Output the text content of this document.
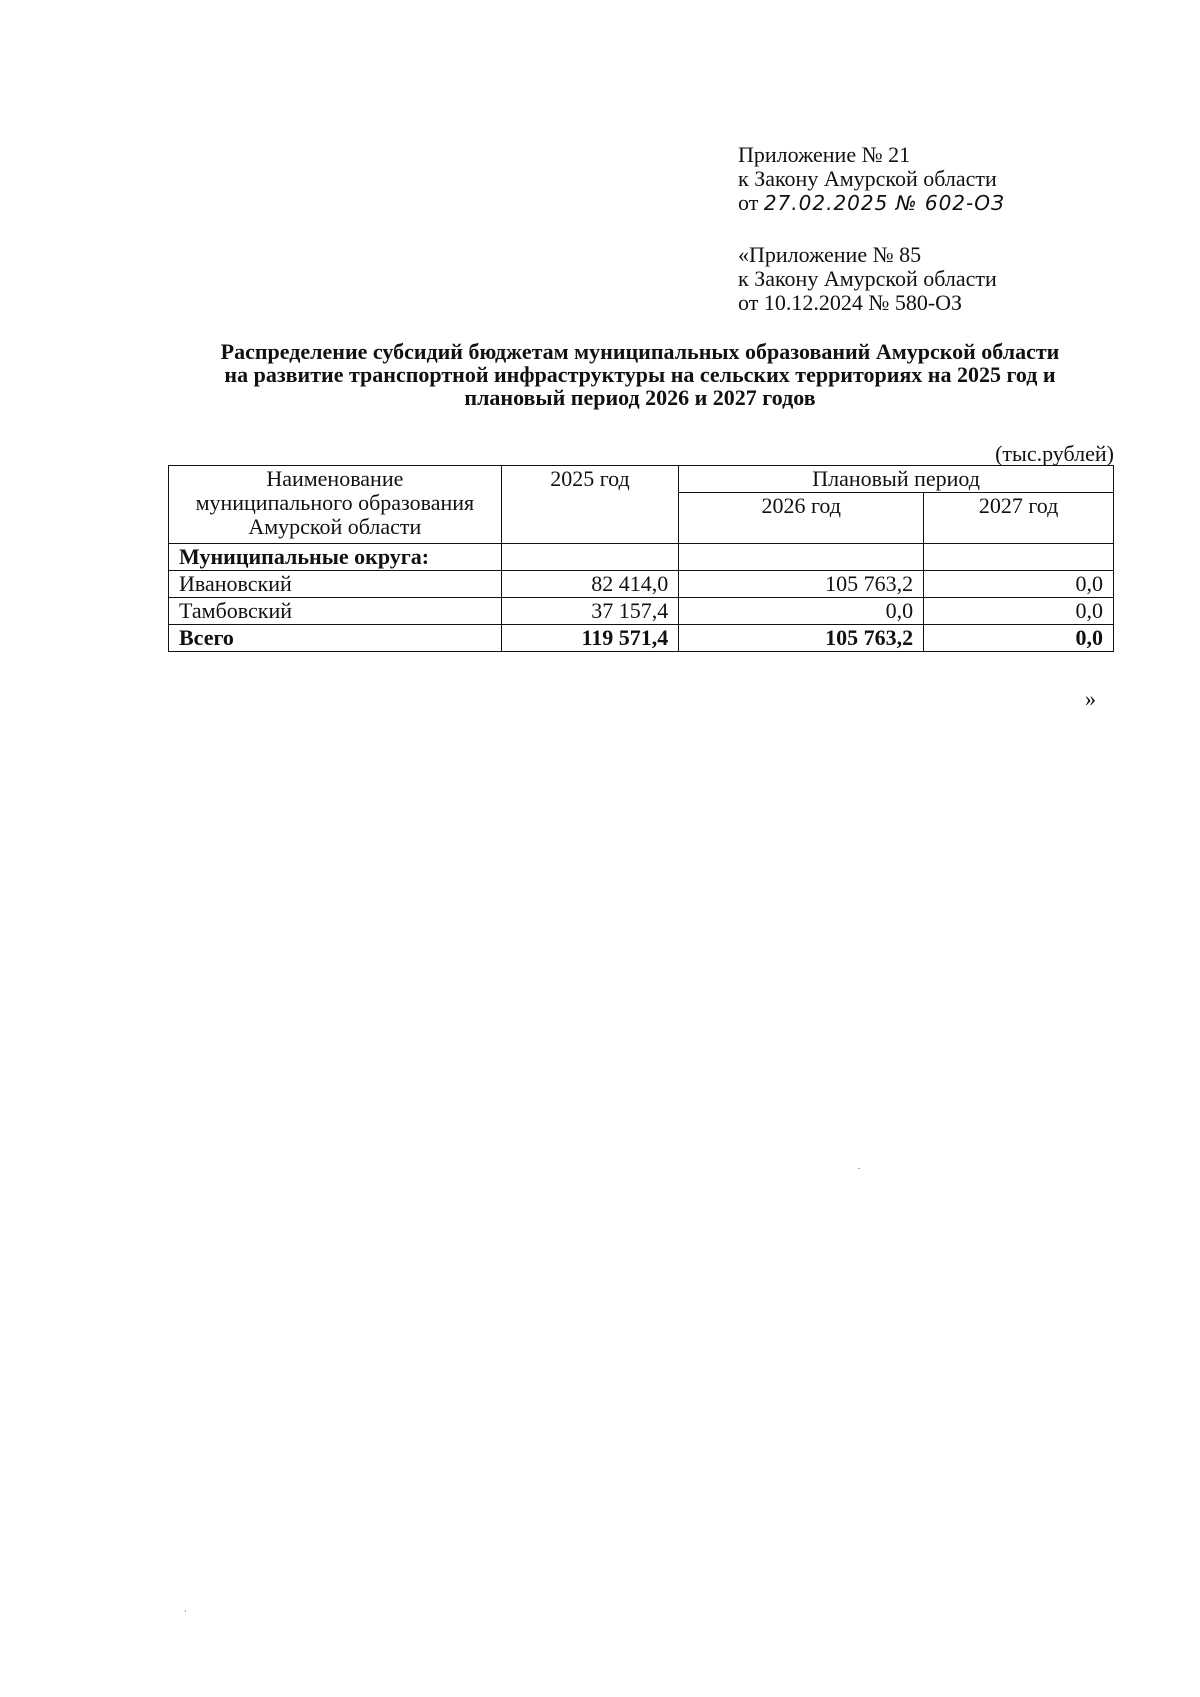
Приложение № 21
к Закону Амурской области
от 27.02.2025 № 602-ОЗ
«Приложение № 85
к Закону Амурской области
от 10.12.2024 № 580-ОЗ
Распределение субсидий бюджетам муниципальных образований Амурской области
на развитие транспортной инфраструктуры на сельских территориях на 2025 год и
плановый период 2026 и 2027 годов
(тыс.рублей)
Наименование
муниципального образования
Амурской области	2025 год	Плановый период	
		2026 год	2027 год
Муниципальные округа:			
Ивановский	82 414,0	105 763,2	0,0
Тамбовский	37 157,4	0,0	0,0
Всего	119 571,4	105 763,2	0,0
»
